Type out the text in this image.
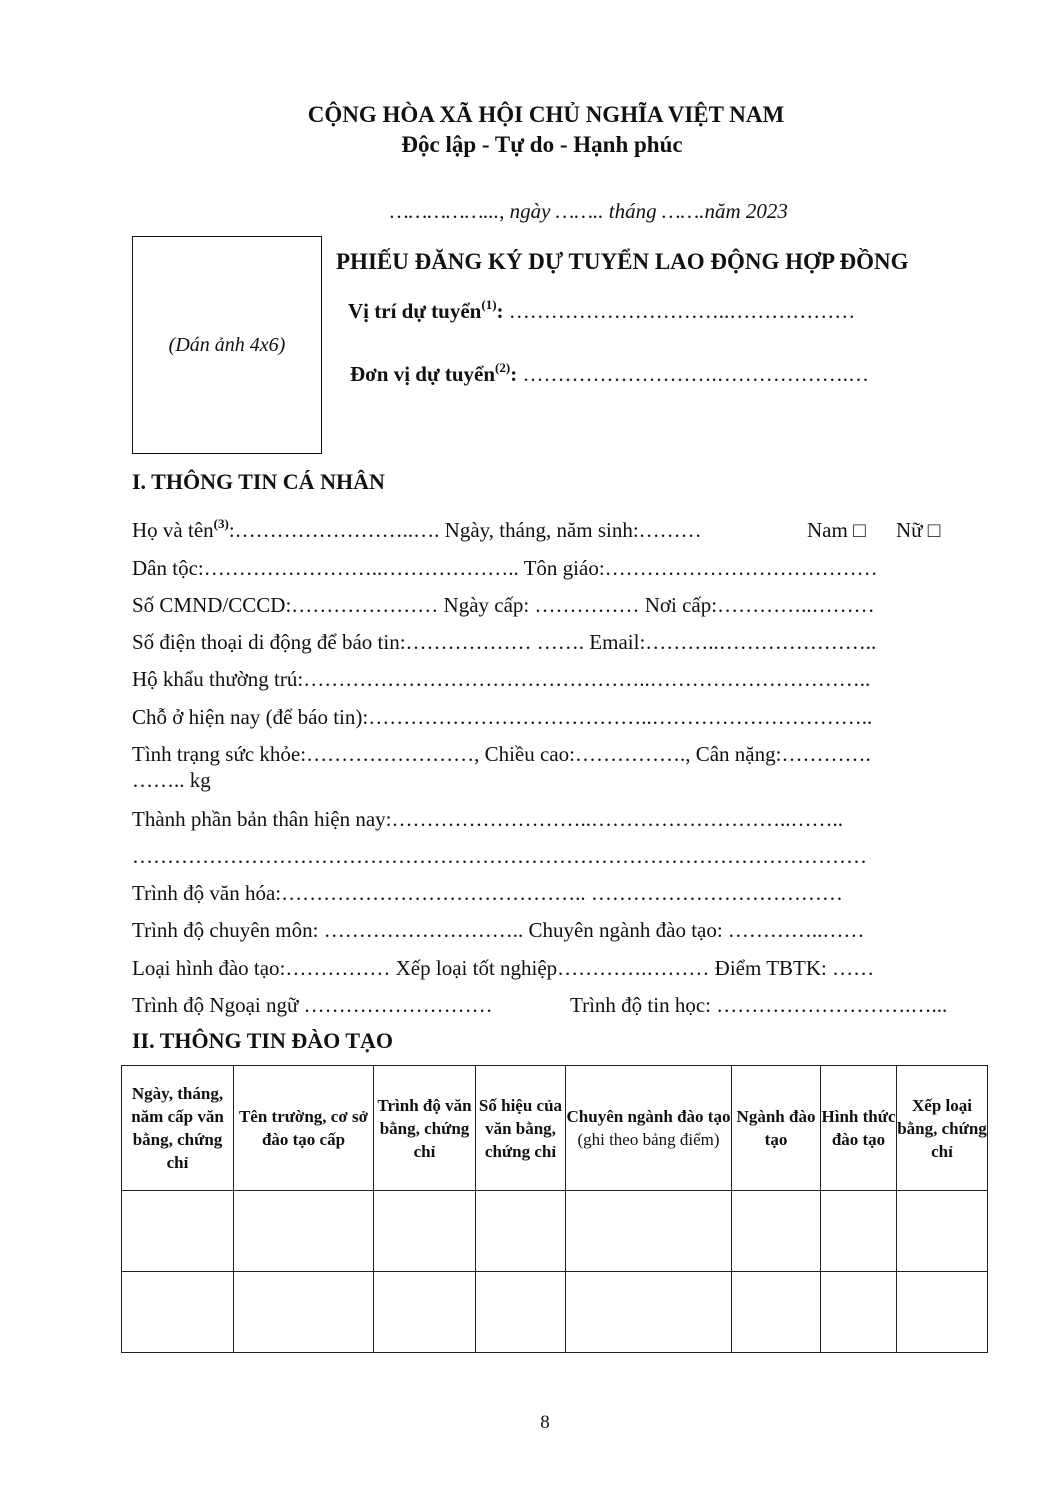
CỘNG HÒA XÃ HỘI CHỦ NGHĨA VIỆT NAM
Độc lập - Tự do - Hạnh phúc
……………..., ngày …….. tháng …….năm 2023
(Dán ảnh 4x6)
PHIẾU ĐĂNG KÝ DỰ TUYỂN LAO ĐỘNG HỢP ĐỒNG
Vị trí dự tuyển$^{(1)}$: …………………………..………………
Đơn vị dự tuyển$^{(2)}$: ……………………….……………….…
I. THÔNG TIN CÁ NHÂN
Họ và tên$^{(3)}$:……………………..…. Ngày, tháng, năm sinh:………	Nam □ Nữ □
Dân tộc:……………………..……………….. Tôn giáo:…………………………………
Số CMND/CCCD:………………… Ngày cấp: …………… Nơi cấp:…………..………
Số điện thoại di động để báo tin:……………… ……. Email:………..…………………..
Hộ khẩu thường trú:…………………………………………..…………………………..
Chỗ ở hiện nay (để báo tin):…………………………………..…………………………..
Tình trạng sức khỏe:……………………, Chiều cao:……………., Cân nặng:………….
…….. kg
Thành phần bản thân hiện nay:………………………..………………………..……..
……………………………………………………………………………………………
Trình độ văn hóa:…………………………………….. ………………………………
Trình độ chuyên môn: ……………………….. Chuyên ngành đào tạo: …………..……
Loại hình đào tạo:…………… Xếp loại tốt nghiệp………….……… Điểm TBTK: ……
Trình độ Ngoại ngữ ………………………	Trình độ tin học: ……………………….…...
II. THÔNG TIN ĐÀO TẠO
Ngày, tháng, năm cấp văn bằng, chứng chỉ	Tên trường, cơ sở đào tạo cấp	Trình độ văn bằng, chứng chỉ	Số hiệu của văn bằng, chứng chỉ	Chuyên ngành đào tạo (ghi theo bảng điểm)	Ngành đào tạo	Hình thức đào tạo	Xếp loại bằng, chứng chỉ

8
